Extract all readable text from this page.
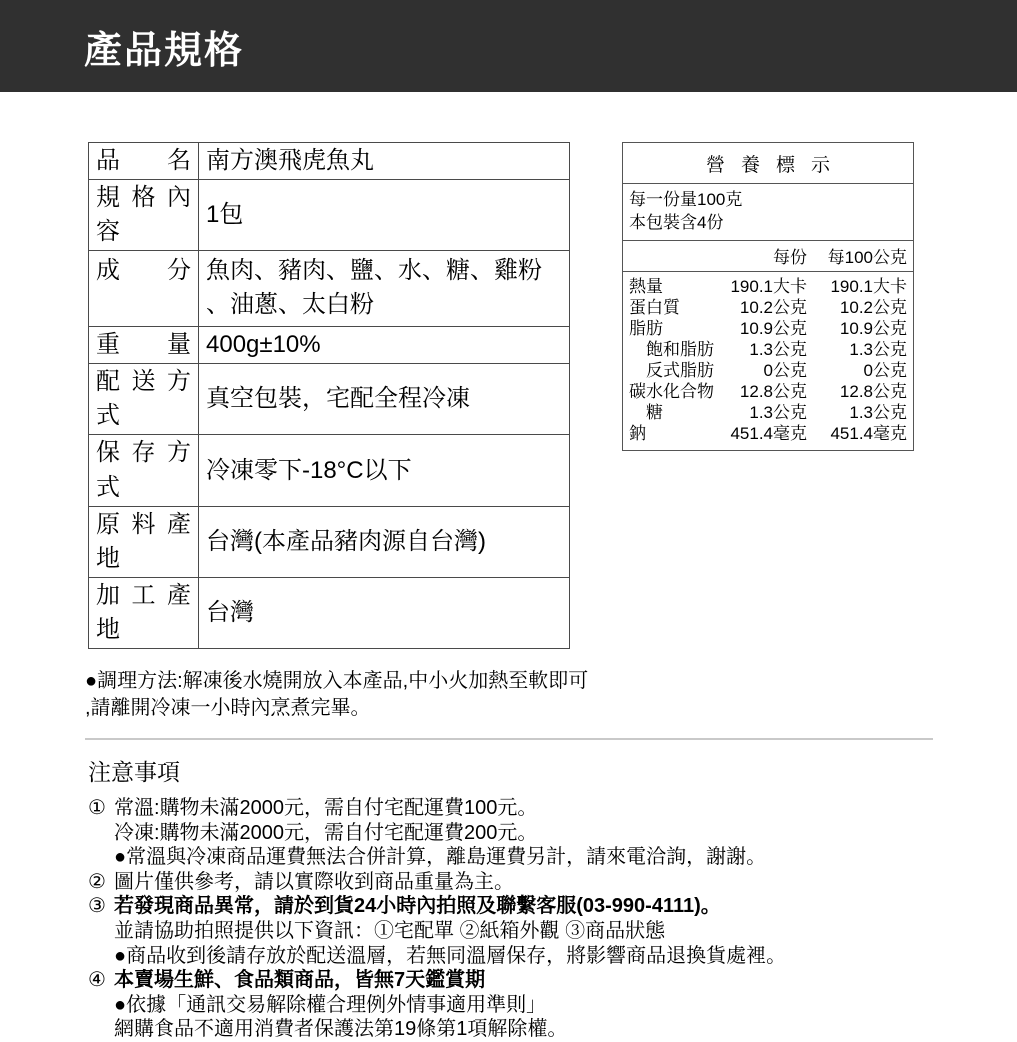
產品規格
品名	南方澳飛虎魚丸
規格內容	1包
成分	魚肉、豬肉、鹽、水、糖、雞粉、油蔥、太白粉
重量	400g±10%
配送方式	真空包裝，宅配全程冷凍
保存方式	冷凍零下-18°C以下
原料產地	台灣(本產品豬肉源自台灣)
加工產地	台灣
營養標示
每一份量100克
本包裝含4份
每份	每100公克
熱量	190.1大卡	190.1大卡
蛋白質	10.2公克	10.2公克
脂肪	10.9公克	10.9公克
飽和脂肪	1.3公克	1.3公克
反式脂肪	0公克	0公克
碳水化合物	12.8公克	12.8公克
糖	1.3公克	1.3公克
鈉	451.4毫克	451.4毫克

●調理方法:解凍後水燒開放入本產品,中小火加熱至軟即可,請離開冷凍一小時內烹煮完畢。

注意事項
① 常溫:購物未滿2000元，需自付宅配運費100元。
冷凍:購物未滿2000元，需自付宅配運費200元。
●常溫與冷凍商品運費無法合併計算，離島運費另計，請來電洽詢，謝謝。
② 圖片僅供參考，請以實際收到商品重量為主。
③ 若發現商品異常，請於到貨24小時內拍照及聯繫客服(03-990-4111)。
並請協助拍照提供以下資訊：①宅配單 ②紙箱外觀 ③商品狀態
●商品收到後請存放於配送溫層，若無同溫層保存，將影響商品退換貨處裡。
④ 本賣場生鮮、食品類商品，皆無7天鑑賞期
●依據「通訊交易解除權合理例外情事適用準則」
網購食品不適用消費者保護法第19條第1項解除權。
